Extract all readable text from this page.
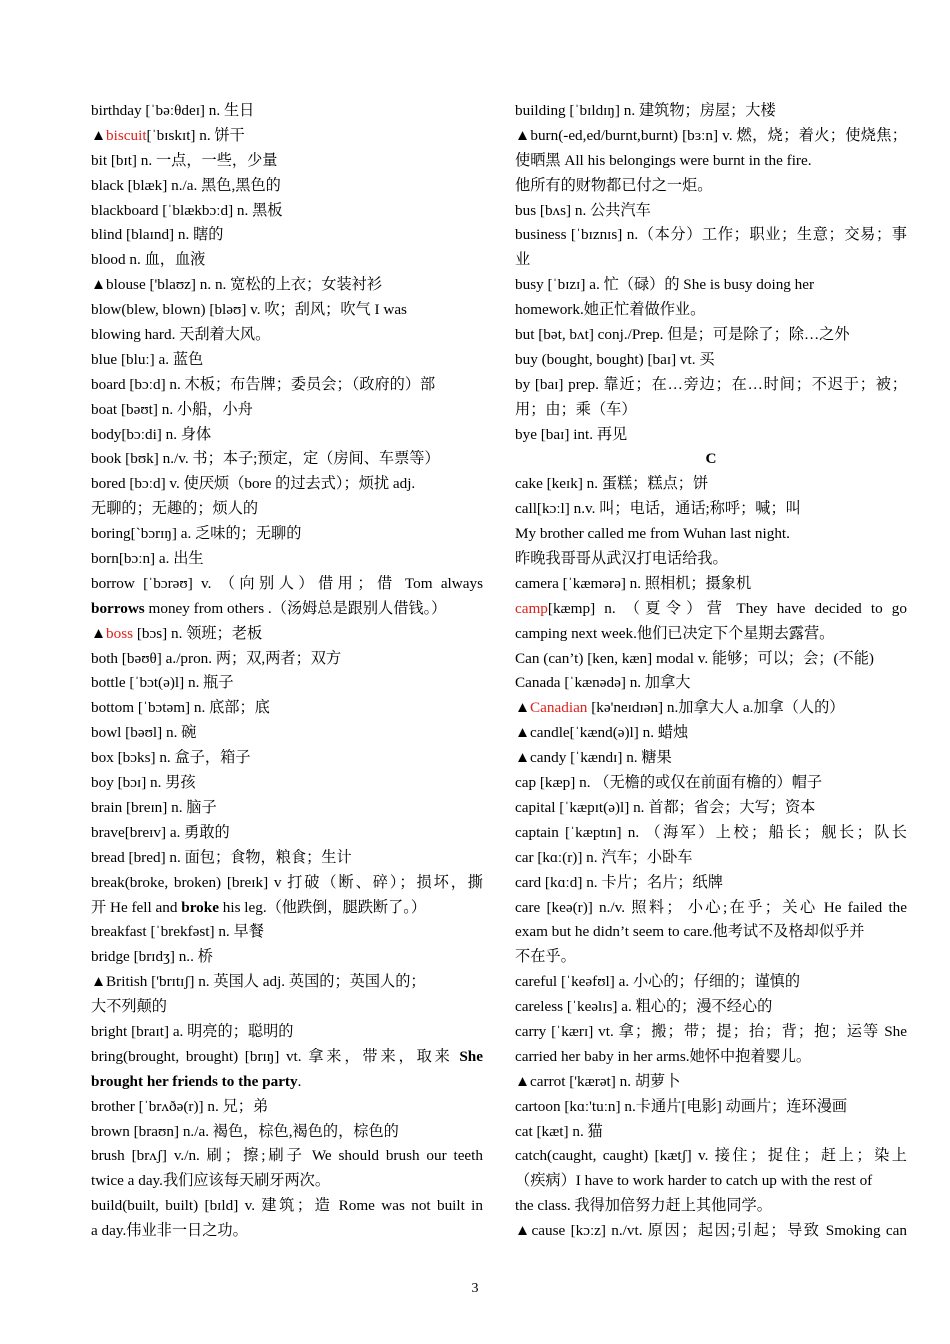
birthday [ˈbəːθdeɪ] n. 生日
▲biscuit[ˈbɪskɪt] n. 饼干
bit [bɪt] n. 一点，一些，少量
black [blæk] n./a. 黑色,黑色的
blackboard [ˈblækbɔːd] n. 黑板
blind [blaɪnd] n. 瞎的
blood n. 血，血液
▲blouse ['blaʊz] n. n. 宽松的上衣；女装衬衫
blow(blew, blown) [bləʊ] v. 吹；刮风；吹气 I was
blowing hard. 天刮着大风。
blue [bluː] a. 蓝色
board [bɔːd] n. 木板；布告牌；委员会；（政府的）部
boat [bəʊt] n. 小船，小舟
body[bɔːdi] n. 身体
book [bʊk] n./v. 书；本子;预定，定（房间、车票等）
bored [bɔːd] v. 使厌烦（bore 的过去式）；烦扰 adj.
无聊的；无趣的；烦人的
boring[`bɔrɪŋ] a. 乏味的；无聊的
born[bɔːn] a. 出生
borrow [ˈbɔrəʊ] v. （向别人）借用；借 Tom always
borrows money from others .（汤姆总是跟别人借钱。）
▲boss [bɔs] n. 领班；老板
both [bəʊθ] a./pron. 两；双,两者；双方
bottle [ˈbɔt(ə)l] n. 瓶子
bottom [ˈbɔtəm] n. 底部；底
bowl [bəʊl] n. 碗
box [bɔks] n. 盒子，箱子
boy [bɔɪ] n. 男孩
brain [breɪn] n. 脑子
brave[breɪv] a. 勇敢的
bread [bred] n. 面包；食物，粮食；生计
break(broke, broken) [breɪk] v 打破（断、碎）；损坏，撕
开 He fell and broke his leg.（他跌倒，腿跌断了。）
breakfast [ˈbrekfəst] n. 早餐
bridge [brɪdʒ] n.. 桥
▲British ['brɪtɪʃ] n. 英国人 adj. 英国的；英国人的；
大不列颠的
bright [braɪt] a. 明亮的；聪明的
bring(brought, brought) [brɪŋ] vt. 拿来，带来，取来 She
brought her friends to the party.
brother [ˈbrʌðə(r)] n. 兄；弟
brown [braʊn] n./a. 褐色，棕色,褐色的，棕色的
brush [brʌʃ] v./n. 刷；擦;刷子 We should brush our teeth
twice a day.我们应该每天刷牙两次。
build(built, built) [bɪld] v. 建筑；造 Rome was not built in
a day.伟业非一日之功。
building [ˈbɪldɪŋ] n. 建筑物；房屋；大楼
▲burn(-ed,ed/burnt,burnt) [bɜːn] v. 燃，烧；着火；使烧焦；
使晒黑 All his belongings were burnt in the fire.
他所有的财物都已付之一炬。
bus [bʌs] n. 公共汽车
business [ˈbɪznɪs] n.（本分）工作；职业；生意；交易；事
业
busy [ˈbɪzɪ] a. 忙（碌）的 She is busy doing her
homework.她正忙着做作业。
but [bət, bʌt] conj./Prep. 但是；可是除了；除…之外
buy (bought, bought) [baɪ] vt. 买
by [baɪ] prep. 靠近；在…旁边；在…时间；不迟于；被；
用；由；乘（车）
bye [baɪ] int. 再见
C
cake [keɪk] n. 蛋糕；糕点；饼
call[kɔːl] n.v. 叫；电话，通话;称呼；喊；叫
My brother called me from Wuhan last night.
昨晚我哥哥从武汉打电话给我。
camera [ˈkæmərə] n. 照相机；摄象机
camp[kæmp] n. （夏令）营 They have decided to go
camping next week.他们已决定下个星期去露营。
Can (can’t) [ken, kæn] modal v. 能够；可以；会；(不能)
Canada [ˈkænədə] n. 加拿大
▲Canadian [kə'neɪdɪən] n.加拿大人 a.加拿（人的）
▲candle[ˈkænd(ə)l] n. 蜡烛
▲candy [ˈkændɪ] n. 糖果
cap [kæp] n. （无檐的或仅在前面有檐的）帽子
capital [ˈkæpɪt(ə)l] n. 首都；省会；大写；资本
captain [ˈkæptɪn] n. （海军）上校；船长；舰长；队长
car [kɑː(r)] n. 汽车；小卧车
card [kɑːd] n. 卡片；名片；纸牌
care [keə(r)] n./v. 照料； 小心;在乎；关心 He failed the
exam but he didn’t seem to care.他考试不及格却似乎并
不在乎。
careful [ˈkeəfʊl] a. 小心的；仔细的；谨慎的
careless [ˈkeəlɪs] a. 粗心的；漫不经心的
carry [ˈkærɪ] vt. 拿；搬；带；提；抬；背；抱；运等 She
carried her baby in her arms.她怀中抱着婴儿。
▲carrot ['kærət] n. 胡萝卜
cartoon [kɑː'tuːn] n.卡通片[电影] 动画片；连环漫画
cat [kæt] n. 猫
catch(caught, caught) [kætʃ] v. 接住；捉住；赶上；染上
（疾病）I have to work harder to catch up with the rest of
the class. 我得加倍努力赶上其他同学。
▲cause [kɔːz] n./vt. 原因；起因;引起；导致 Smoking can
3
